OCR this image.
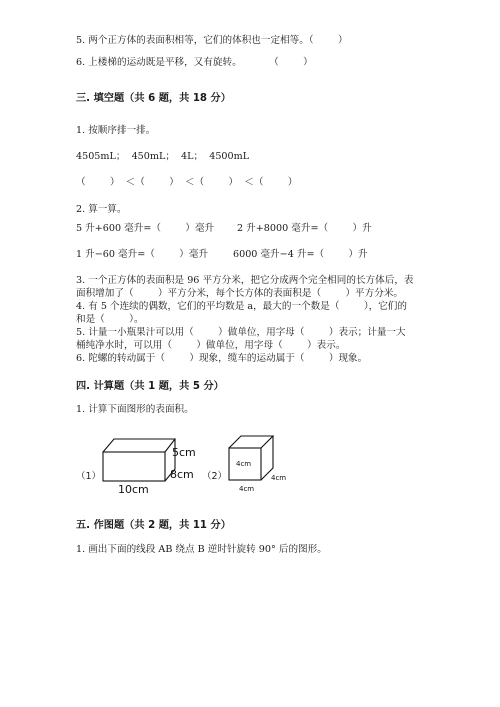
5. 两个正方体的表面积相等，它们的体积也一定相等。（        ）
6. 上楼梯的运动既是平移，又有旋转。         （        ）
三. 填空题（共 6 题，共 18 分）
1. 按顺序排一排。
4505mL；  450mL；  4L；  4500mL
（        ）  ＜（        ）  ＜（        ）  ＜（        ）
2. 算一算。
5 升+600 毫升=（        ）毫升 2 升+8000 毫升=（        ）升
1 升−60 毫升=（        ）毫升	6000 毫升−4 升=（        ）升
3. 一个正方体的表面积是 96 平方分米，把它分成两个完全相同的长方体后，表
面积增加了（        ）平方分米，每个长方体的表面积是（        ）平方分米。
4. 有 5 个连续的偶数，它们的平均数是 a，最大的一个数是（        ），它们的
和是（        ）。
5. 计量一小瓶果汁可以用（        ）做单位，用字母（        ）表示；计量一大
桶纯净水时，可以用（        ）做单位，用字母（        ）表示。
6. 陀螺的转动属于（        ）现象，缆车的运动属于（        ）现象。
四. 计算题（共 1 题，共 5 分）
1. 计算下面图形的表面积。
（1）
5cm
8cm
10cm
（2）
4cm
4cm
4cm
五. 作图题（共 2 题，共 11 分）
1. 画出下面的线段 AB 绕点 B 逆时针旋转 90° 后的图形。
